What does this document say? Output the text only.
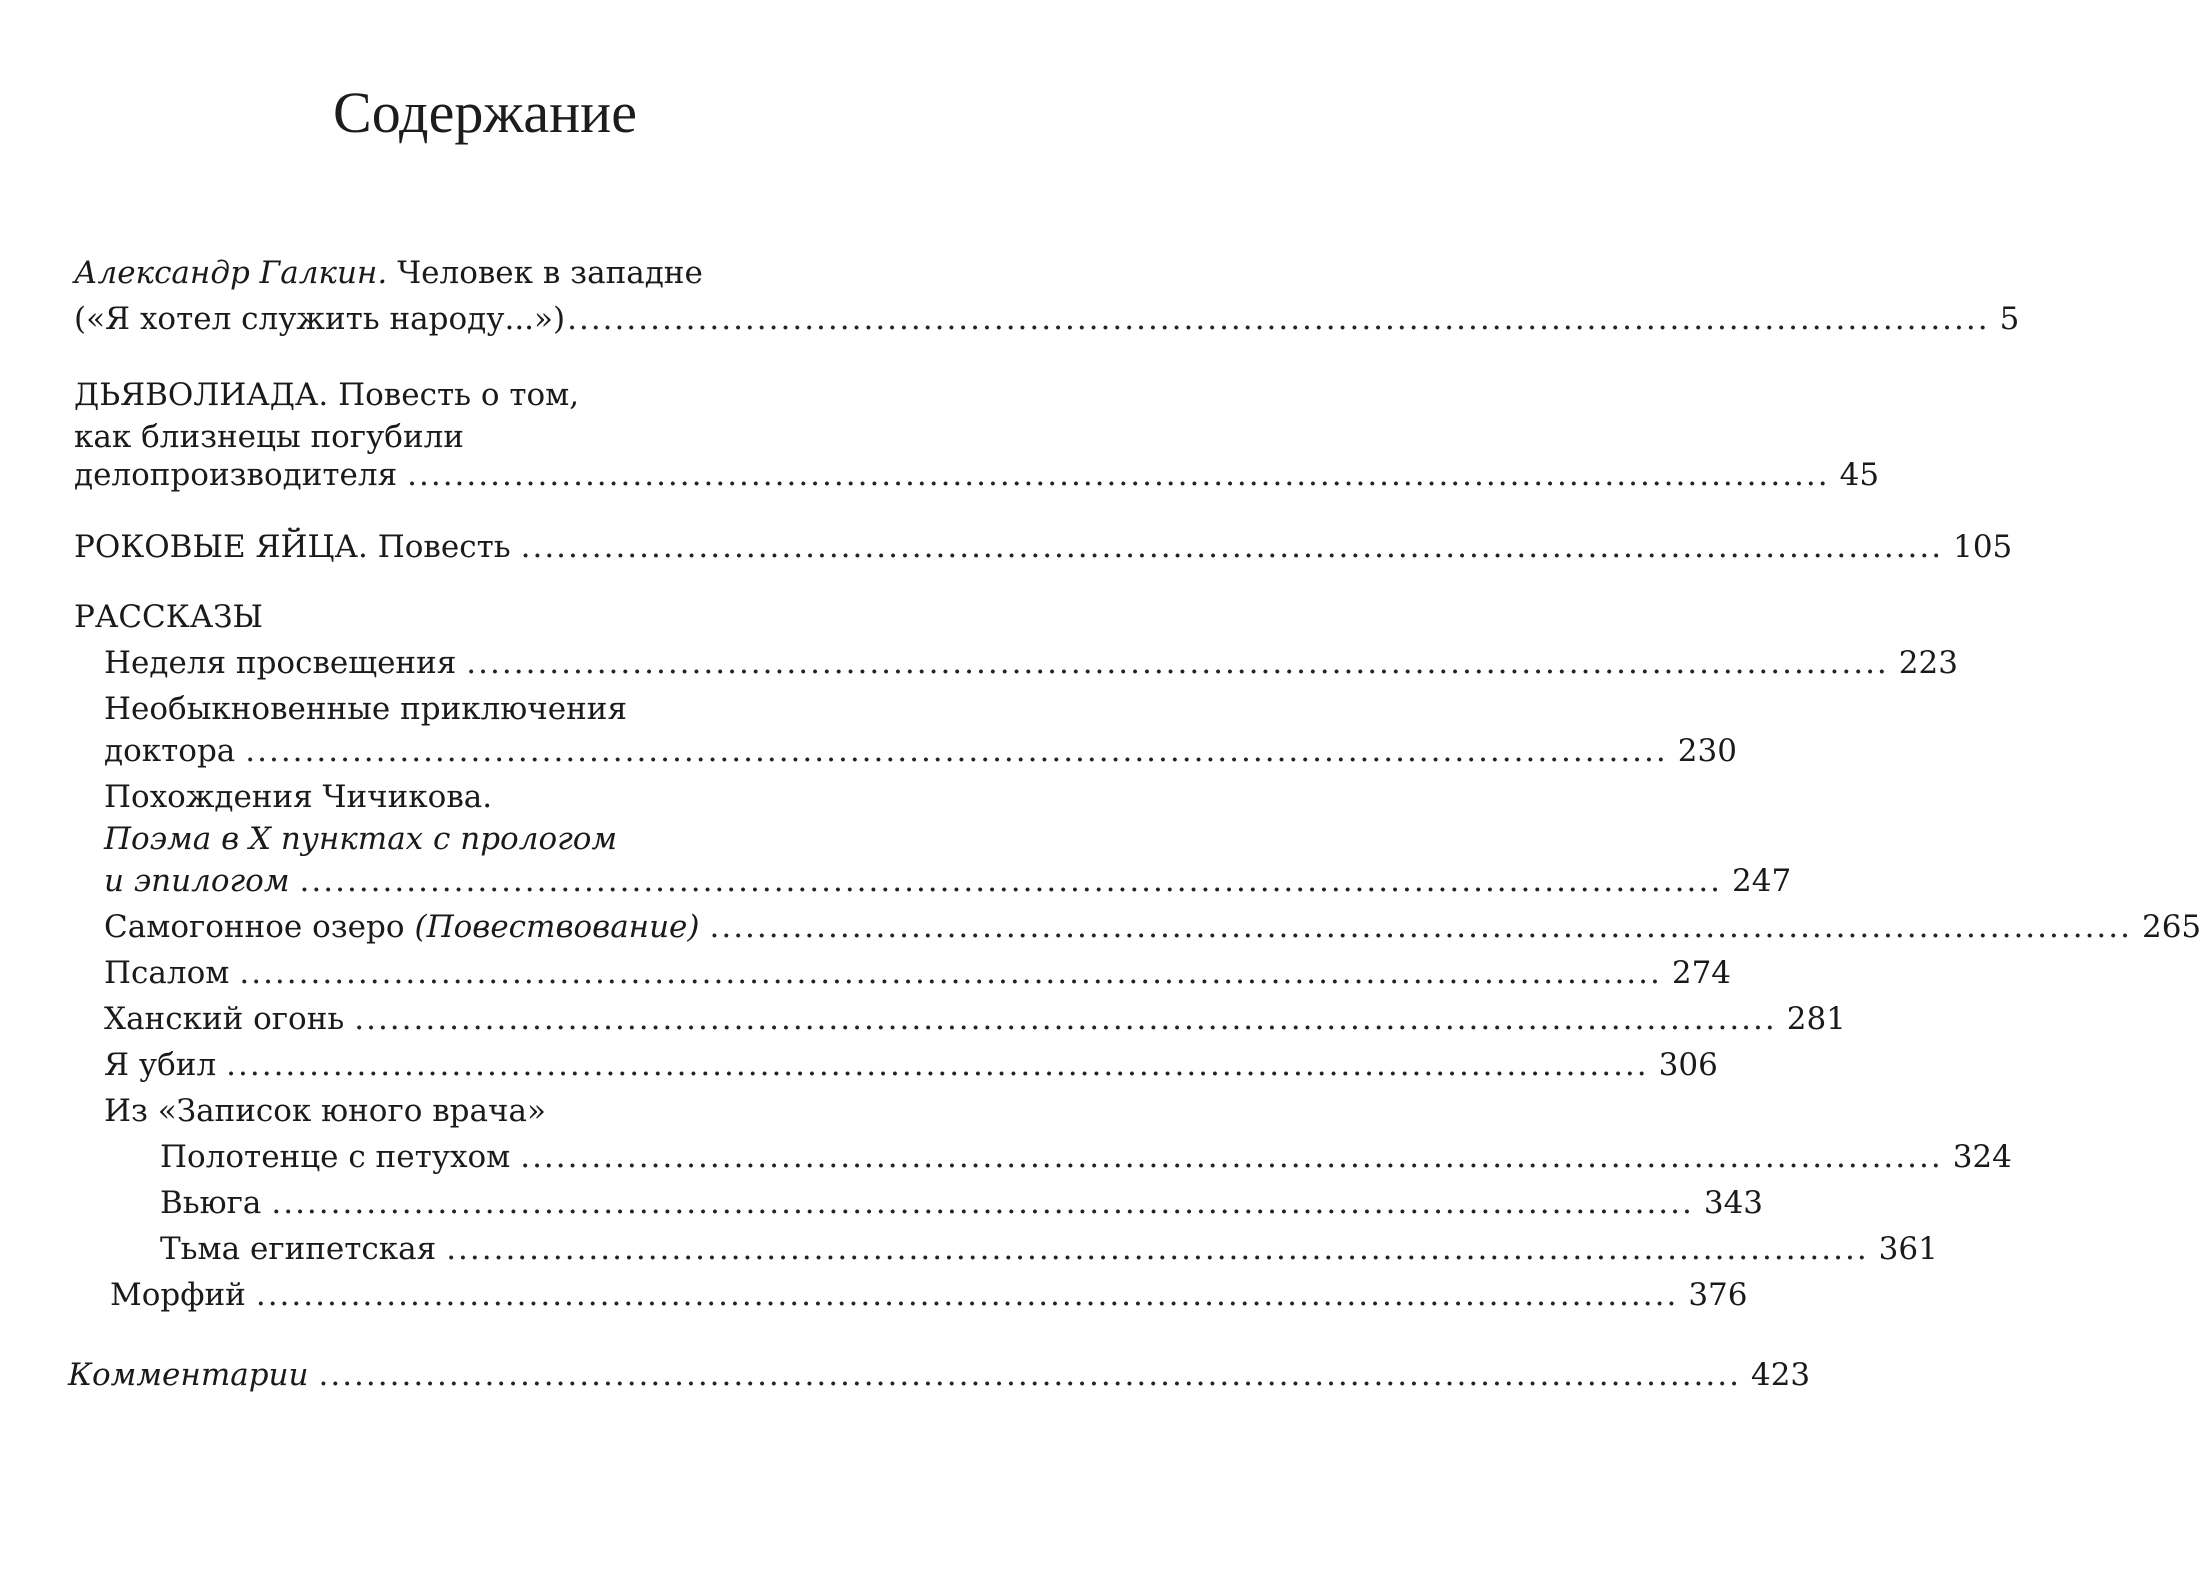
Содержание
Александр Галкин. Человек в западне
(«Я хотел служить народу...») ........................................................................................................................ 5
ДЬЯВОЛИАДА. Повесть о том,
как близнецы погубили
делопроизводителя ........................................................................................................................ 45
РОКОВЫЕ ЯЙЦА. Повесть ........................................................................................................................ 105
РАССКАЗЫ
Неделя просвещения ........................................................................................................................ 223
Необыкновенные приключения
доктора ........................................................................................................................ 230
Похождения Чичикова.
Поэма в X пунктах с прологом
и эпилогом ........................................................................................................................ 247
Самогонное озеро (Повествование) ........................................................................................................................ 265
Псалом ........................................................................................................................ 274
Ханский огонь ........................................................................................................................ 281
Я убил ........................................................................................................................ 306
Из «Записок юного врача»
Полотенце с петухом ........................................................................................................................ 324
Вьюга ........................................................................................................................ 343
Тьма египетская ........................................................................................................................ 361
Морфий ........................................................................................................................ 376
Комментарии ........................................................................................................................ 423
